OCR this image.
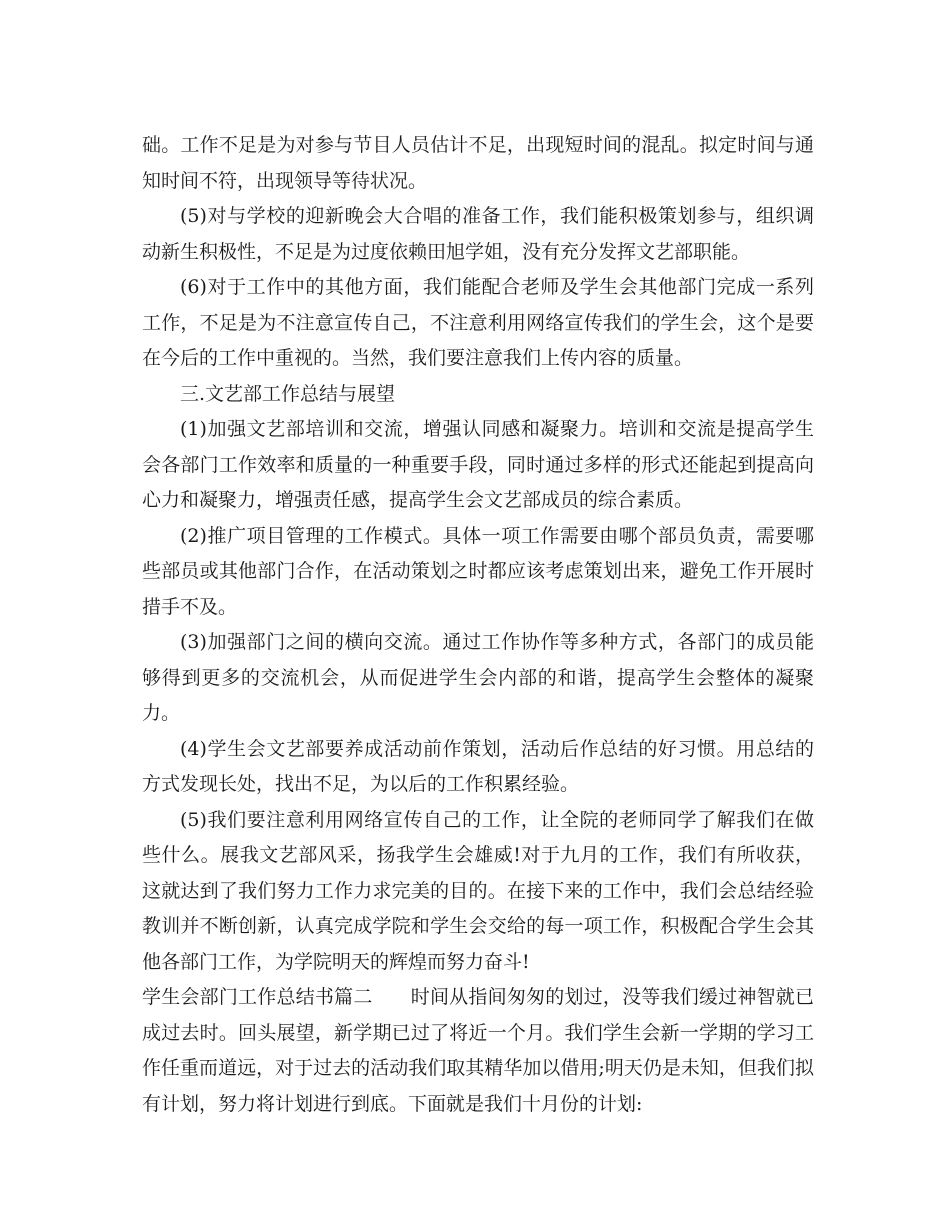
础。工作不足是为对参与节目人员估计不足，出现短时间的混乱。拟定时间与通知时间不符，出现领导等待状况。

(5)对与学校的迎新晚会大合唱的准备工作，我们能积极策划参与，组织调动新生积极性，不足是为过度依赖田旭学姐，没有充分发挥文艺部职能。

(6)对于工作中的其他方面，我们能配合老师及学生会其他部门完成一系列工作，不足是为不注意宣传自己，不注意利用网络宣传我们的学生会，这个是要在今后的工作中重视的。当然，我们要注意我们上传内容的质量。

三.文艺部工作总结与展望

(1)加强文艺部培训和交流，增强认同感和凝聚力。培训和交流是提高学生会各部门工作效率和质量的一种重要手段，同时通过多样的形式还能起到提高向心力和凝聚力，增强责任感，提高学生会文艺部成员的综合素质。

(2)推广项目管理的工作模式。具体一项工作需要由哪个部员负责，需要哪些部员或其他部门合作，在活动策划之时都应该考虑策划出来，避免工作开展时措手不及。

(3)加强部门之间的横向交流。通过工作协作等多种方式，各部门的成员能够得到更多的交流机会，从而促进学生会内部的和谐，提高学生会整体的凝聚力。

(4)学生会文艺部要养成活动前作策划，活动后作总结的好习惯。用总结的方式发现长处，找出不足，为以后的工作积累经验。

(5)我们要注意利用网络宣传自己的工作，让全院的老师同学了解我们在做些什么。展我文艺部风采，扬我学生会雄威!对于九月的工作，我们有所收获，这就达到了我们努力工作力求完美的目的。在接下来的工作中，我们会总结经验教训并不断创新，认真完成学院和学生会交给的每一项工作，积极配合学生会其他各部门工作，为学院明天的辉煌而努力奋斗!

学生会部门工作总结书篇二 时间从指间匆匆的划过，没等我们缓过神智就已成过去时。回头展望，新学期已过了将近一个月。我们学生会新一学期的学习工作任重而道远，对于过去的活动我们取其精华加以借用;明天仍是未知，但我们拟有计划，努力将计划进行到底。下面就是我们十月份的计划:
